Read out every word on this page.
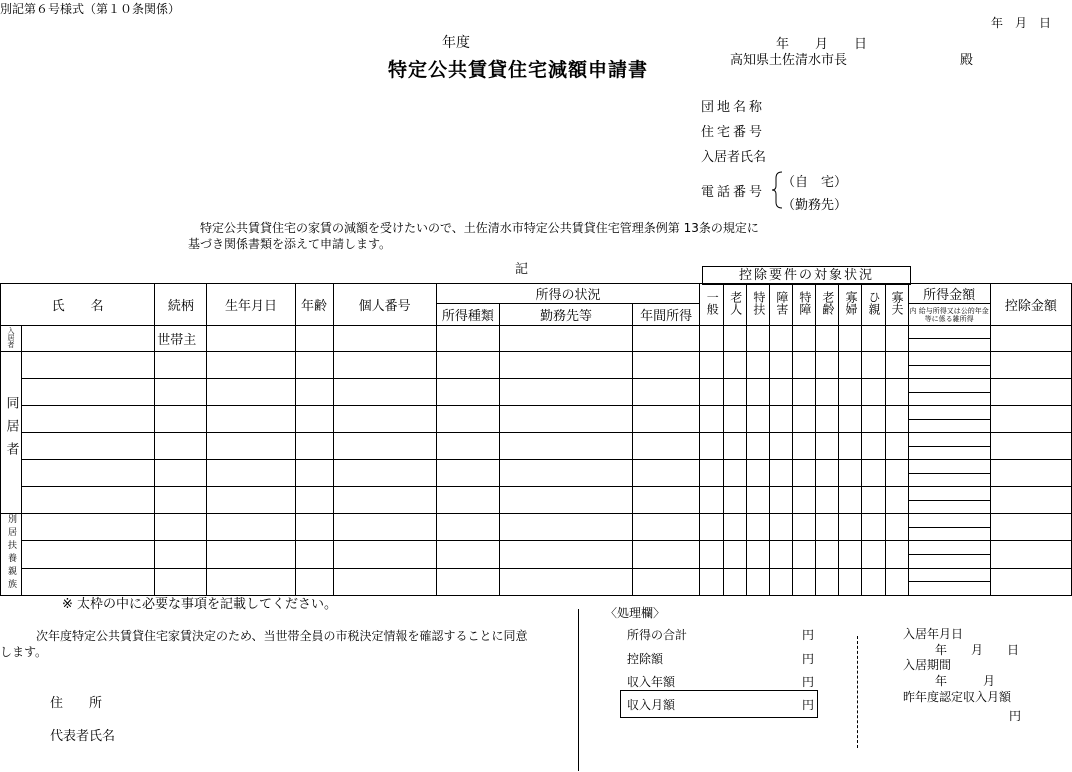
別記第６号様式（第１０条関係）
年　月　日
年度
特定公共賃貸住宅減額申請書
年　　月　　日
高知県土佐清水市長	殿
団地名称
住宅番号
入居者氏名
電話番号
（自　宅）
（勤務先）
特定公共賃貸住宅の家賃の減額を受けたいので、土佐清水市特定公共賃貸住宅管理条例第 13条の規定に
基づき関係書類を添えて申請します。
記	控除要件の対象状況
氏　　名		続柄	生年月日	年齢	個人番号	所得の状況			一般	老人	特扶	障害	特障	老齢	寡婦	ひ親	寡夫	所得金額	控除金額
						所得種類	勤務先等	年間所得										内 給与所得又は公的年金等に係る雑所得	
入居者		世帯主																

同居者																		

別居扶養親族																		

※ 太枠の中に必要な事項を記載してください。
次年度特定公共賃貸住宅家賃決定のため、当世帯全員の市税決定情報を確認することに同意
します。
住　　所
代表者氏名
〈処理欄〉
所得の合計	円
控除額	円
収入年額	円
収入月額	円
入居年月日
年　　月　　日
入居期間
年　　　月
昨年度認定収入月額
円
